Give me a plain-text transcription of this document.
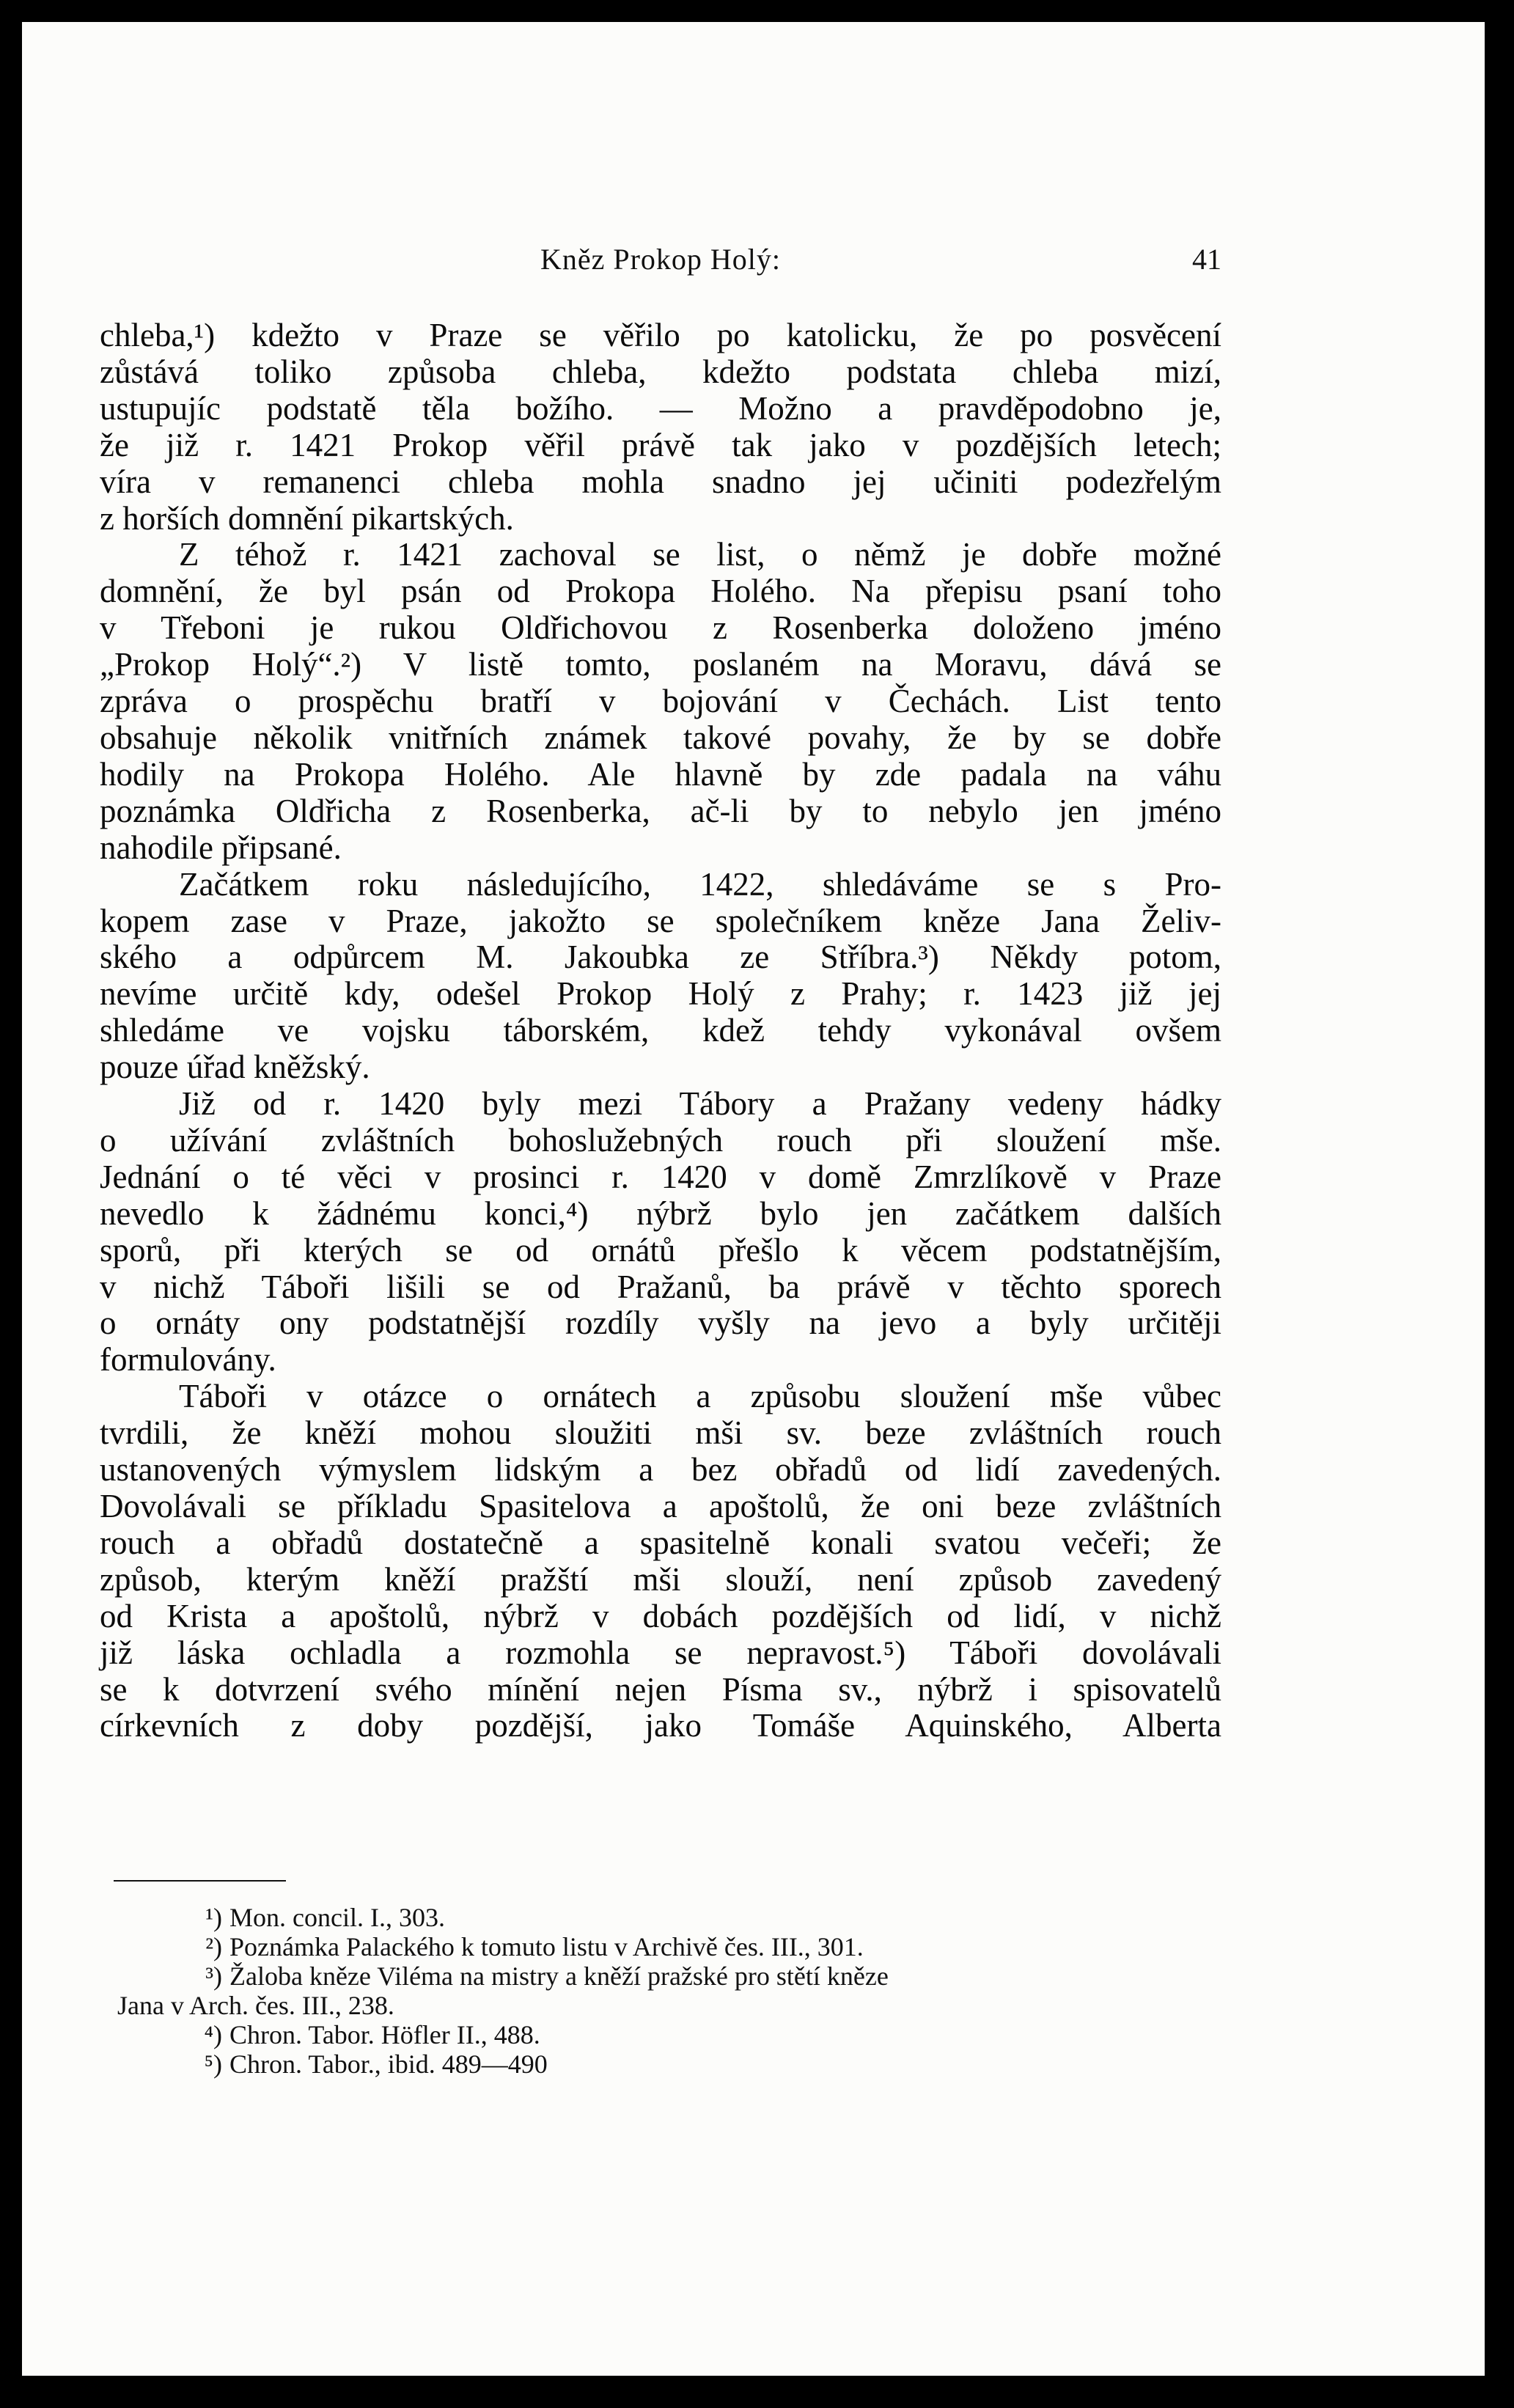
Kněz Prokop Holý:	41
chleba,¹) kdežto v Praze se věřilo po katolicku, že po posvěcení
zůstává toliko způsoba chleba, kdežto podstata chleba mizí,
ustupujíc podstatě těla božího. — Možno a pravděpodobno je,
že již r. 1421 Prokop věřil právě tak jako v pozdějších letech;
víra v remanenci chleba mohla snadno jej učiniti podezřelým
z horších domnění pikartských.
Z téhož r. 1421 zachoval se list, o němž je dobře možné
domnění, že byl psán od Prokopa Holého. Na přepisu psaní toho
v Třeboni je rukou Oldřichovou z Rosenberka doloženo jméno
„Prokop Holý“.²) V listě tomto, poslaném na Moravu, dává se
zpráva o prospěchu bratří v bojování v Čechách. List tento
obsahuje několik vnitřních známek takové povahy, že by se dobře
hodily na Prokopa Holého. Ale hlavně by zde padala na váhu
poznámka Oldřicha z Rosenberka, ač-li by to nebylo jen jméno
nahodile připsané.
Začátkem roku následujícího, 1422, shledáváme se s Pro-
kopem zase v Praze, jakožto se společníkem kněze Jana Želiv-
ského a odpůrcem M. Jakoubka ze Stříbra.³) Někdy potom,
nevíme určitě kdy, odešel Prokop Holý z Prahy; r. 1423 již jej
shledáme ve vojsku táborském, kdež tehdy vykonával ovšem
pouze úřad kněžský.
Již od r. 1420 byly mezi Tábory a Pražany vedeny hádky
o užívání zvláštních bohoslužebných rouch při sloužení mše.
Jednání o té věci v prosinci r. 1420 v domě Zmrzlíkově v Praze
nevedlo k žádnému konci,⁴) nýbrž bylo jen začátkem dalších
sporů, při kterých se od ornátů přešlo k věcem podstatnějším,
v nichž Táboři lišili se od Pražanů, ba právě v těchto sporech
o ornáty ony podstatnější rozdíly vyšly na jevo a byly určitěji
formulovány.
Táboři v otázce o ornátech a způsobu sloužení mše vůbec
tvrdili, že kněží mohou sloužiti mši sv. beze zvláštních rouch
ustanovených výmyslem lidským a bez obřadů od lidí zavedených.
Dovolávali se příkladu Spasitelova a apoštolů, že oni beze zvláštních
rouch a obřadů dostatečně a spasitelně konali svatou večeři; že
způsob, kterým kněží pražští mši slouží, není způsob zavedený
od Krista a apoštolů, nýbrž v dobách pozdějších od lidí, v nichž
již láska ochladla a rozmohla se nepravost.⁵) Táboři dovolávali
se k dotvrzení svého mínění nejen Písma sv., nýbrž i spisovatelů
církevních z doby pozdější, jako Tomáše Aquinského, Alberta
¹) Mon. concil. I., 303.
²) Poznámka Palackého k tomuto listu v Archivě čes. III., 301.
³) Žaloba kněze Viléma na mistry a kněží pražské pro stětí kněze
Jana v Arch. čes. III., 238.
⁴) Chron. Tabor. Höfler II., 488.
⁵) Chron. Tabor., ibid. 489—490
